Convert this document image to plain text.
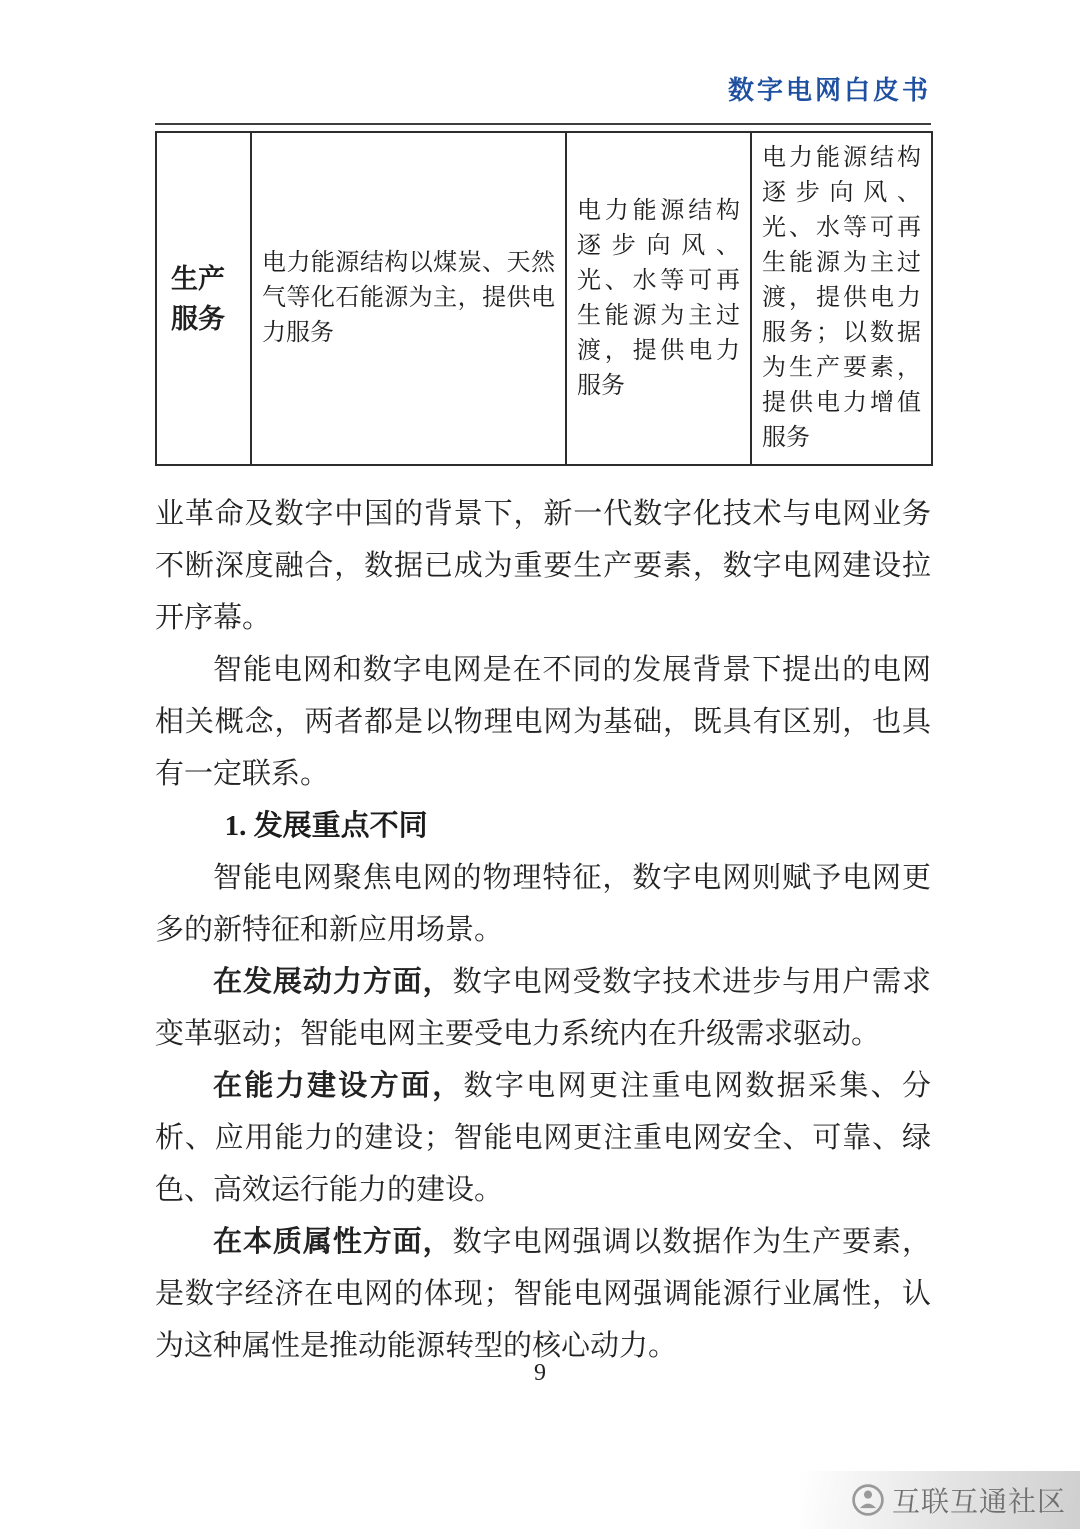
数字电网白皮书
生产服务	电力能源结构以煤炭、天然气等化石能源为主，提供电力服务	电力能源结构逐步向风、光、水等可再生能源为主过渡，提供电力服务	电力能源结构逐步向风、光、水等可再生能源为主过渡，提供电力服务；以数据为生产要素，提供电力增值服务

业革命及数字中国的背景下，新一代数字化技术与电网业务不断深度融合，数据已成为重要生产要素，数字电网建设拉开序幕。

智能电网和数字电网是在不同的发展背景下提出的电网相关概念，两者都是以物理电网为基础，既具有区别，也具有一定联系。

1. 发展重点不同

智能电网聚焦电网的物理特征，数字电网则赋予电网更多的新特征和新应用场景。

在发展动力方面，数字电网受数字技术进步与用户需求变革驱动；智能电网主要受电力系统内在升级需求驱动。

在能力建设方面，数字电网更注重电网数据采集、分析、应用能力的建设；智能电网更注重电网安全、可靠、绿色、高效运行能力的建设。

在本质属性方面，数字电网强调以数据作为生产要素，是数字经济在电网的体现；智能电网强调能源行业属性，认为这种属性是推动能源转型的核心动力。

9
互联互通社区
